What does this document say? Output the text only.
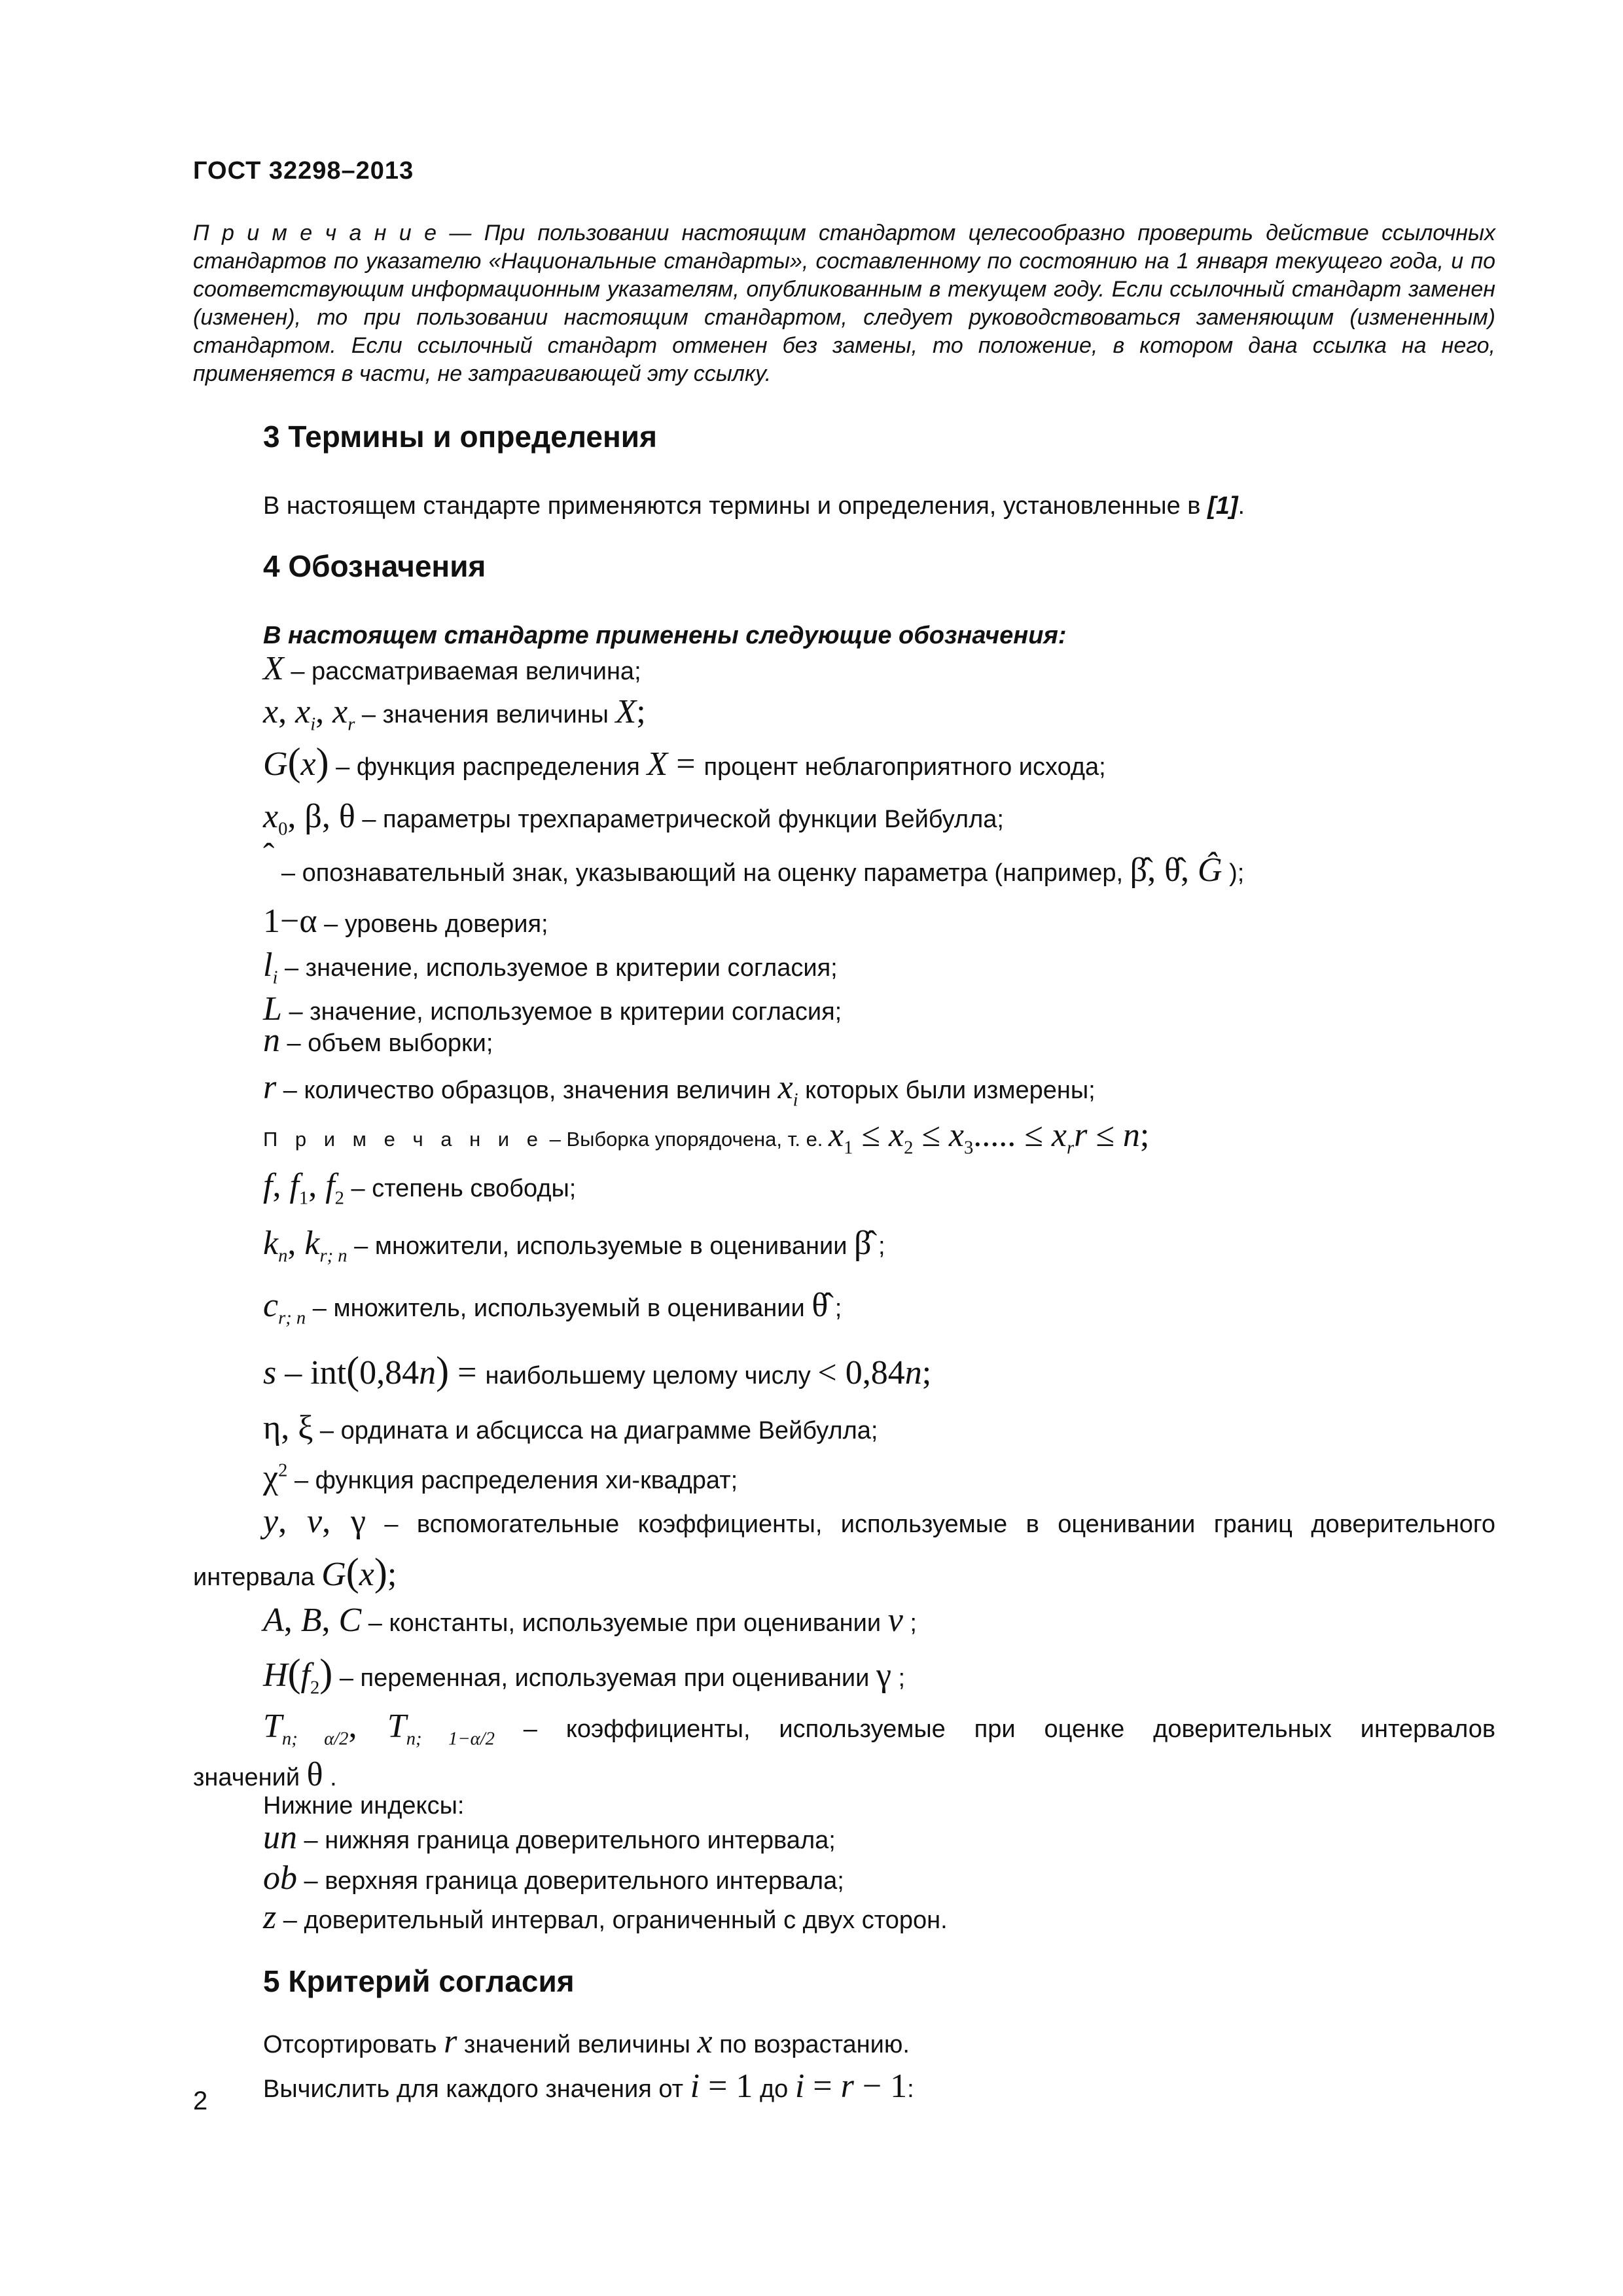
ГОСТ 32298–2013
П р и м е ч а н и е — При пользовании настоящим стандартом целесообразно проверить действие ссылочных стандартов по указателю «Национальные стандарты», составленному по состоянию на 1 января текущего года, и по соответствующим информационным указателям, опубликованным в текущем году. Если ссылочный стандарт заменен (изменен), то при пользовании настоящим стандартом, следует руководствоваться заменяющим (измененным) стандартом. Если ссылочный стандарт отменен без замены, то положение, в котором дана ссылка на него, применяется в части, не затрагивающей эту ссылку.
3 Термины и определения
В настоящем стандарте применяются термины и определения, установленные в [1].
4 Обозначения
В настоящем стандарте применены следующие обозначения:
X – рассматриваемая величина;
x, $x_i$, $x_r$ – значения величины X;
G(x) – функция распределения X = процент неблагоприятного исхода;
$x_0$, β, θ – параметры трехпараметрической функции Вейбулла;
ˆ – опознавательный знак, указывающий на оценку параметра (например, β̂, θ̂, Ĝ );
1−α – уровень доверия;
$l_i$ – значение, используемое в критерии согласия;
L – значение, используемое в критерии согласия;
n – объем выборки;
r – количество образцов, значения величин $x_i$ которых были измерены;
П р и м е ч а н и е – Выборка упорядочена, т. е. $x_1 \le x_2 \le x_3$..... ≤ $x_rr \le n$;
f, $f_1$, $f_2$ – степень свободы;
$k_n$, $k_{r; n}$ – множители, используемые в оценивании β̂ ;
$c_{r; n}$ – множитель, используемый в оценивании θ̂ ;
s – int(0,84n) = наибольшему целому числу < 0,84n;
η, ξ – ордината и абсцисса на диаграмме Вейбулла;
$\chi^2$ – функция распределения хи-квадрат;
y, v, γ – вспомогательные коэффициенты, используемые в оценивании границ доверительного
интервала G(x);
A, B, C – константы, используемые при оценивании v ;
$H(f_2)$ – переменная, используемая при оценивании γ ;
$T_{n; \alpha/2}$, $T_{n; 1-\alpha/2}$ – коэффициенты, используемые при оценке доверительных интервалов
значений θ .
Нижние индексы:
un – нижняя граница доверительного интервала;
ob – верхняя граница доверительного интервала;
z – доверительный интервал, ограниченный с двух сторон.
5 Критерий согласия
Отсортировать r значений величины x по возрастанию.
Вычислить для каждого значения от i = 1 до i = r − 1:
2
